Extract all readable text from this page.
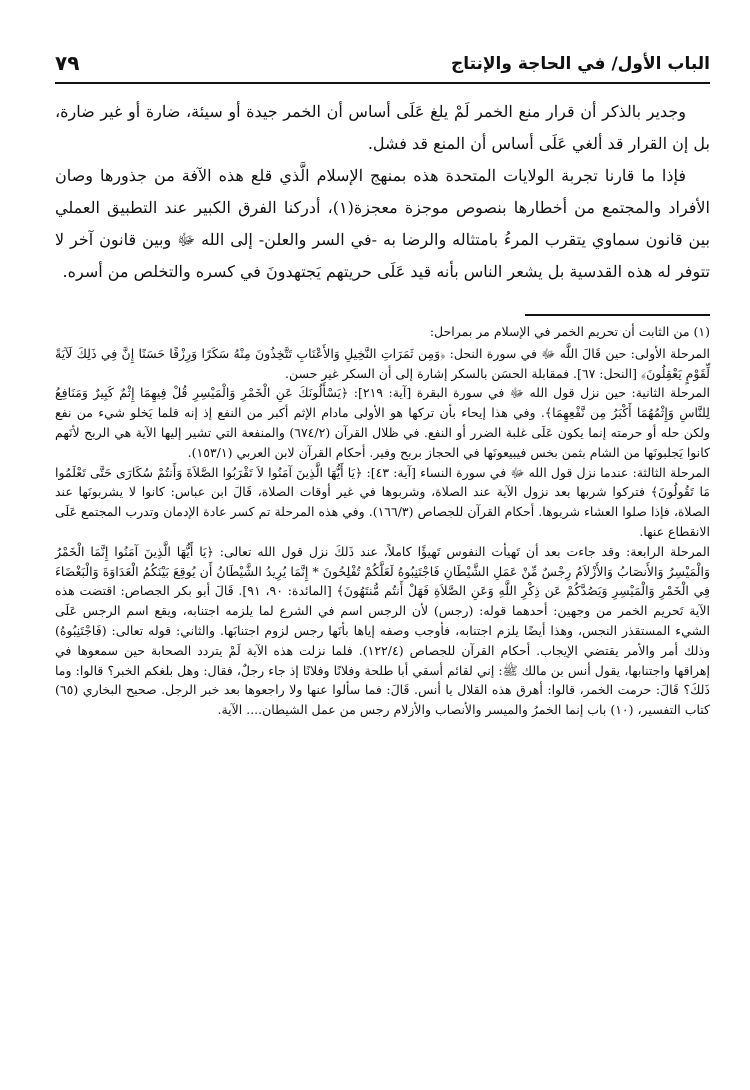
الباب الأول/ في الحاجة والإنتاج
٧٩

وجدير بالذكر أن قرار منع الخمر لَمْ يلغ عَلَى أساس أن الخمر جيدة أو سيئة، ضارة أو غير ضارة، بل إن القرار قد ألغي عَلَى أساس أن المنع قد فشل.

فإذا ما قارنا تجربة الولايات المتحدة هذه بمنهج الإسلام الَّذي قلع هذه الآفة من جذورها وصان الأفراد والمجتمع من أخطارها بنصوص موجزة معجزة(١)، أدركنا الفرق الكبير عند التطبيق العملي بين قانون سماوي يتقرب المرءُ بامتثاله والرضا به -في السر والعلن- إلى الله ﷻ وبين قانون آخر لا تتوفر له هذه القدسية بل يشعر الناس بأنه قيد عَلَى حريتهم يَجتهدونَ في كسره والتخلص من أسره.

(١) من الثابت أن تحريم الخمر في الإسلام مر بمراحل:

المرحلة الأولى: حين قَالَ اللَّه ﷻ في سورة النحل: ﴿وَمِن ثَمَرَاتِ النَّخِيلِ وَالأَعْنَابِ تَتَّخِذُونَ مِنْهُ سَكَرًا وَرِزْقًا حَسَنًا إِنَّ فِي ذَلِكَ لَآيَةً لِّقَوْمٍ يَعْقِلُونَ﴾ [النحل: ٦٧]. فمقابلة الحسَن بالسكر إشارة إلى أن السكر غير حسن.

المرحلة الثانية: حين نزل قول الله ﷻ في سورة البقرة [آية: ٢١٩]: ﴿يَسْأَلُونَكَ عَنِ الْخَمْرِ وَالْمَيْسِرِ قُلْ فِيهِمَا إِثْمٌ كَبِيرٌ وَمَنَافِعُ لِلنَّاسِ وَإِثْمُهُمَا أَكْبَرُ مِن نَّفْعِهِمَا﴾. وفي هذا إيحاء بأن تركها هو الأولى مادام الإثم أكبر من النفع إذ إنه قلما يَخلو شيء من نفع ولكن حله أو حرمته إنما يكون عَلَى غلبة الضرر أو النفع. في ظلال القرآن (٦٧٤/٢) والمنفعة التي تشير إليها الآية هي الربح لأنَهم كانوا يَجلبونَها من الشام بثمن بخس فيبيعونَها في الحجاز بربح وفير. أحكام القرآن لابن العربي (١٥٣/١).

المرحلة الثالثة: عندما نزل قول الله ﷻ في سورة النساء [آية: ٤٣]: ﴿يَا أَيُّهَا الَّذِينَ آمَنُوا لاَ تَقْرَبُوا الصَّلاَةَ وَأَنتُمْ سُكَارَى حَتَّى تَعْلَمُوا مَا تَقُولُونَ﴾ فتركوا شربها بعد نزول الآية عند الصلاة، وشربوها في غير أوقات الصلاة، قَالَ ابن عباس: كانوا لا يشربونَها عند الصلاة، فإذا صلوا العشاء شربوها. أحكام القرآن للجصاص (١٦٦/٣). وفي هذه المرحلة تم كسر عادة الإدمان وتدرب المجتمع عَلَى الانقطاع عنها.

المرحلة الرابعة: وقد جاءت بعد أن تَهيأت النفوس تَهيؤًا كاملاً، عند ذَلكَ نزل قول الله تعالى: ﴿يَا أَيُّهَا الَّذِينَ آمَنُوا إِنَّمَا الْخَمْرُ وَالْمَيْسِرُ وَالأَنصَابُ وَالأَزْلاَمُ رِجْسٌ مِّنْ عَمَلِ الشَّيْطَانِ فَاجْتَنِبُوهُ لَعَلَّكُمْ تُفْلِحُونَ * إِنَّمَا يُرِيدُ الشَّيْطَانُ أَن يُوقِعَ بَيْنَكُمُ الْعَدَاوَةَ وَالْبَغْضَاءَ فِي الْخَمْرِ وَالْمَيْسِرِ وَيَصُدَّكُمْ عَن ذِكْرِ اللَّهِ وَعَنِ الصَّلاَةِ فَهَلْ أَنتُم مُّنتَهُونَ﴾ [المائدة: ٩٠، ٩١]. قَالَ أبو بكر الجصاص: اقتضت هذه الآية تَحريم الخمر من وجهين: أحدهما قوله: (رجس) لأن الرجس اسم في الشرع لما يلزمه اجتنابه، ويقع اسم الرجس عَلَى الشيء المستقذر النجس، وهذا أيضًا يلزم اجتنابه، فأوجب وصفه إياها بأنَها رجس لزوم اجتنابَها. والثاني: قوله تعالى: (فَاجْتَنِبُوهُ) وذلك أمر والأمر يقتضي الإيجاب. أحكام القرآن للجصاص (١٢٢/٤). فلما نزلت هذه الآية لَمْ يتردد الصحابة حين سمعوها في إهراقها واجتنابها، يقول أنس بن مالك ﷺ: إني لقائم أسقي أبا طلحة وفلانًا وفلانًا إذ جاء رجلٌ، فقال: وهل بلغكم الخبر؟ قالوا: وما ذَلكَ؟ قَالَ: حرمت الخمر، قالوا: أهرق هذه القلال يا أنس. قَالَ: فما سألوا عنها ولا راجعوها بعد خبر الرجل. صحيح البخاري (٦٥) كتاب التفسير، (١٠) باب إنما الخمرُ والميسر والأنصاب والأزلام رجس من عمل الشيطان.... الآية.
